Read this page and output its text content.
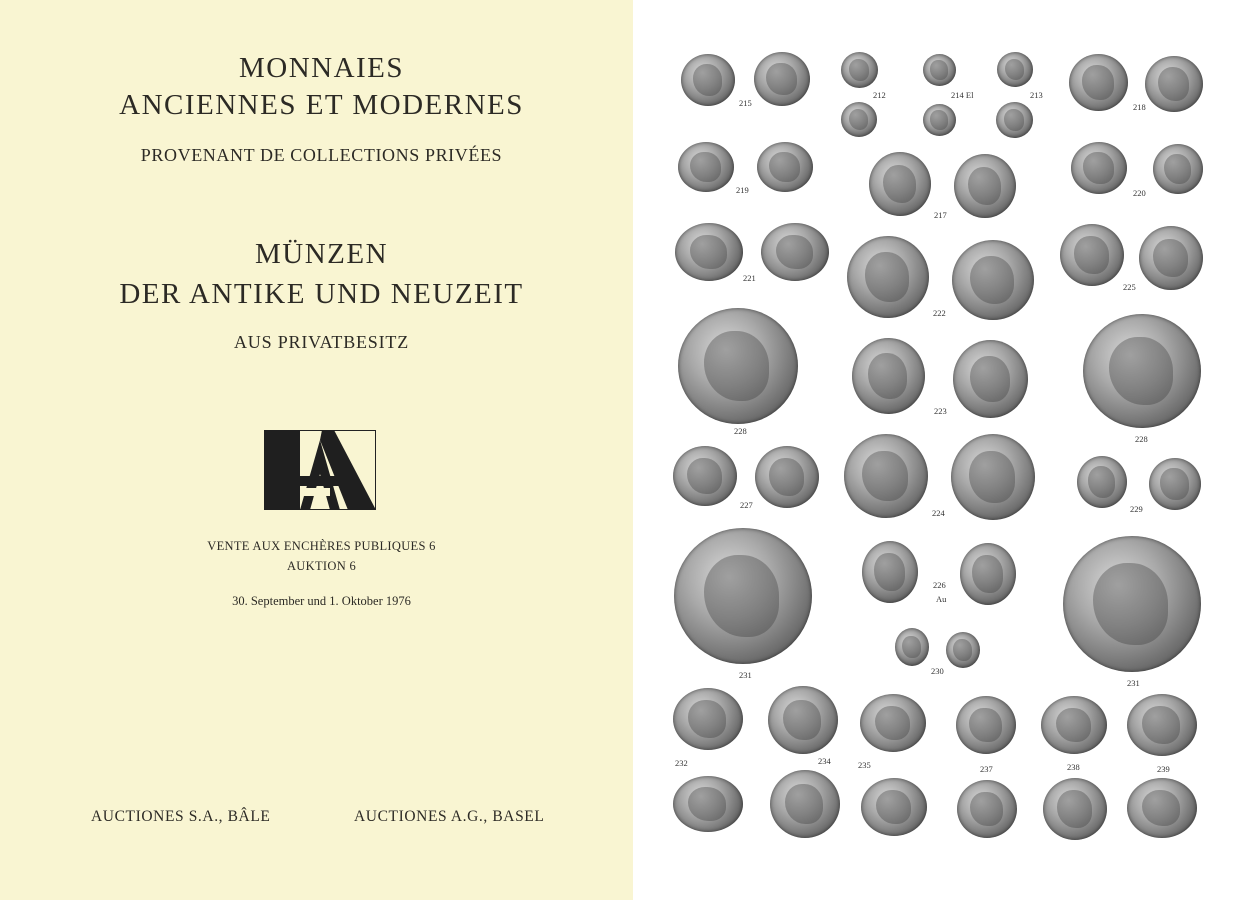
MONNAIES
ANCIENNES ET MODERNES
PROVENANT DE COLLECTIONS PRIVÉES
MÜNZEN
DER ANTIKE UND NEUZEIT
AUS PRIVATBESITZ
VENTE AUX ENCHÈRES PUBLIQUES 6
AUKTION 6
30. September und 1. Oktober 1976
AUCTIONES S.A., BÂLE	AUCTIONES A.G., BASEL
215
212	214 El	213
218
219
217
220
221
222
225
228
223
228
227
224	229
231
226
Au
230
231
232	234	235	237	238	239
